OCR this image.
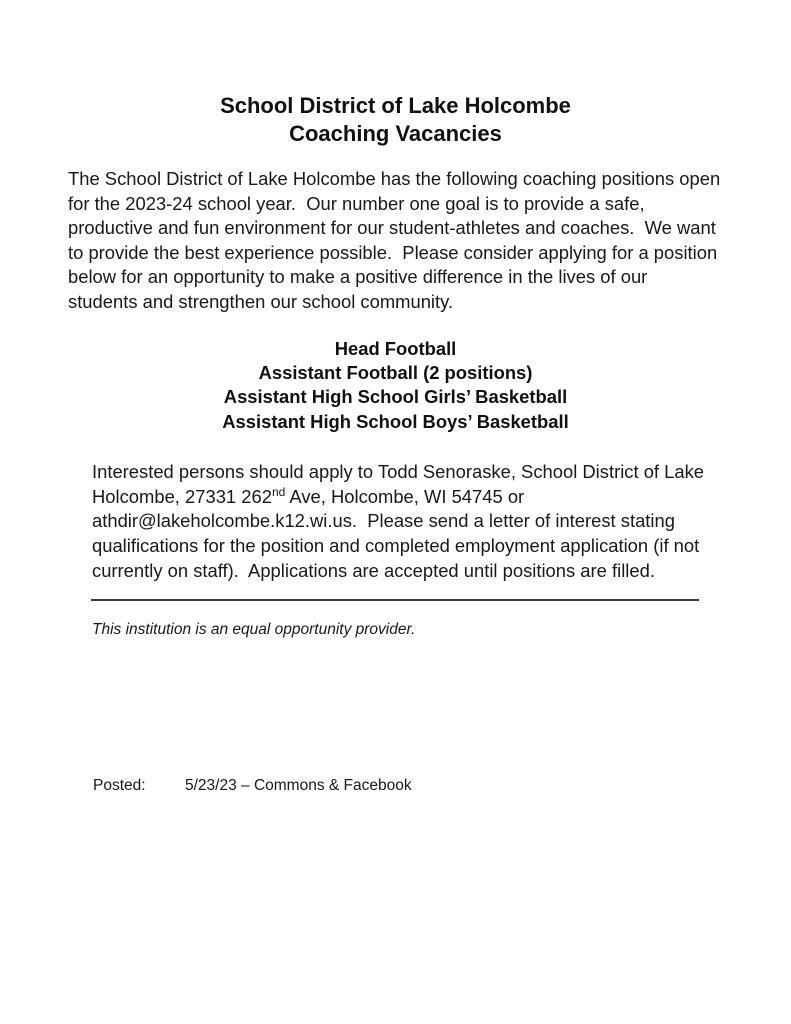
School District of Lake Holcombe
Coaching Vacancies

The School District of Lake Holcombe has the following coaching positions open for the 2023-24 school year.  Our number one goal is to provide a safe, productive and fun environment for our student-athletes and coaches.  We want to provide the best experience possible.  Please consider applying for a position below for an opportunity to make a positive difference in the lives of our students and strengthen our school community.

Head Football
Assistant Football (2 positions)
Assistant High School Girls’ Basketball
Assistant High School Boys’ Basketball

Interested persons should apply to Todd Senoraske, School District of Lake Holcombe, 27331 262nd Ave, Holcombe, WI 54745 or athdir@lakeholcombe.k12.wi.us.  Please send a letter of interest stating qualifications for the position and completed employment application (if not currently on staff).  Applications are accepted until positions are filled.

This institution is an equal opportunity provider.

Posted:	5/23/23 – Commons & Facebook
